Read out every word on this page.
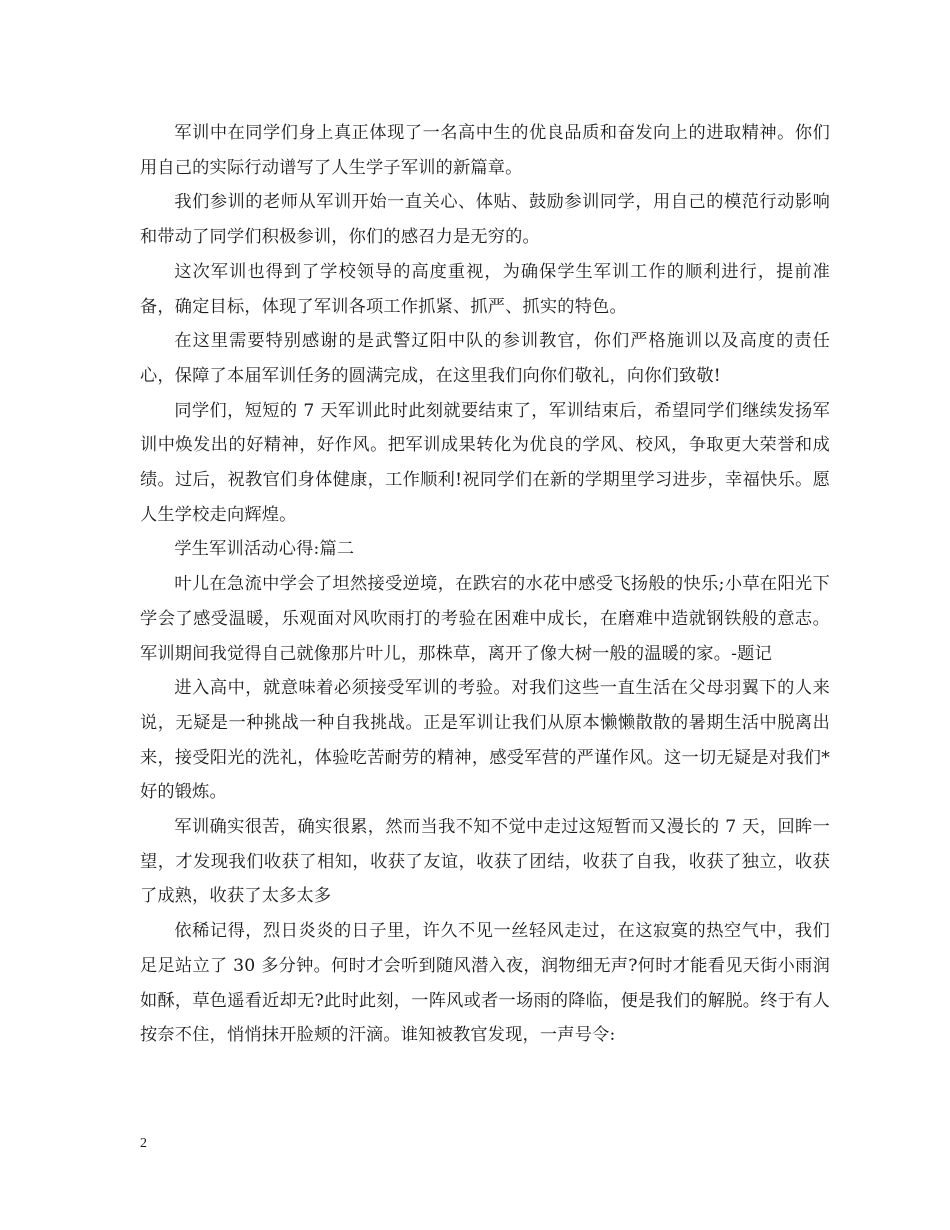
军训中在同学们身上真正体现了一名高中生的优良品质和奋发向上的进取精神。你们用自己的实际行动谱写了人生学子军训的新篇章。

我们参训的老师从军训开始一直关心、体贴、鼓励参训同学，用自己的模范行动影响和带动了同学们积极参训，你们的感召力是无穷的。

这次军训也得到了学校领导的高度重视，为确保学生军训工作的顺利进行，提前准备，确定目标，体现了军训各项工作抓紧、抓严、抓实的特色。

在这里需要特别感谢的是武警辽阳中队的参训教官，你们严格施训以及高度的责任心，保障了本届军训任务的圆满完成，在这里我们向你们敬礼，向你们致敬!

同学们，短短的 7 天军训此时此刻就要结束了，军训结束后，希望同学们继续发扬军训中焕发出的好精神，好作风。把军训成果转化为优良的学风、校风，争取更大荣誉和成绩。过后，祝教官们身体健康，工作顺利!祝同学们在新的学期里学习进步，幸福快乐。愿人生学校走向辉煌。

学生军训活动心得:篇二

叶儿在急流中学会了坦然接受逆境，在跌宕的水花中感受飞扬般的快乐;小草在阳光下学会了感受温暖，乐观面对风吹雨打的考验在困难中成长，在磨难中造就钢铁般的意志。军训期间我觉得自己就像那片叶儿，那株草，离开了像大树一般的温暖的家。-题记

进入高中，就意味着必须接受军训的考验。对我们这些一直生活在父母羽翼下的人来说，无疑是一种挑战一种自我挑战。正是军训让我们从原本懒懒散散的暑期生活中脱离出来，接受阳光的洗礼，体验吃苦耐劳的精神，感受军营的严谨作风。这一切无疑是对我们*好的锻炼。

军训确实很苦，确实很累，然而当我不知不觉中走过这短暂而又漫长的 7 天，回眸一望，才发现我们收获了相知，收获了友谊，收获了团结，收获了自我，收获了独立，收获了成熟，收获了太多太多

依稀记得，烈日炎炎的日子里，许久不见一丝轻风走过，在这寂寞的热空气中，我们足足站立了 30 多分钟。何时才会听到随风潜入夜，润物细无声?何时才能看见天街小雨润如酥，草色遥看近却无?此时此刻，一阵风或者一场雨的降临，便是我们的解脱。终于有人按奈不住，悄悄抹开脸颊的汗滴。谁知被教官发现，一声号令:

2
